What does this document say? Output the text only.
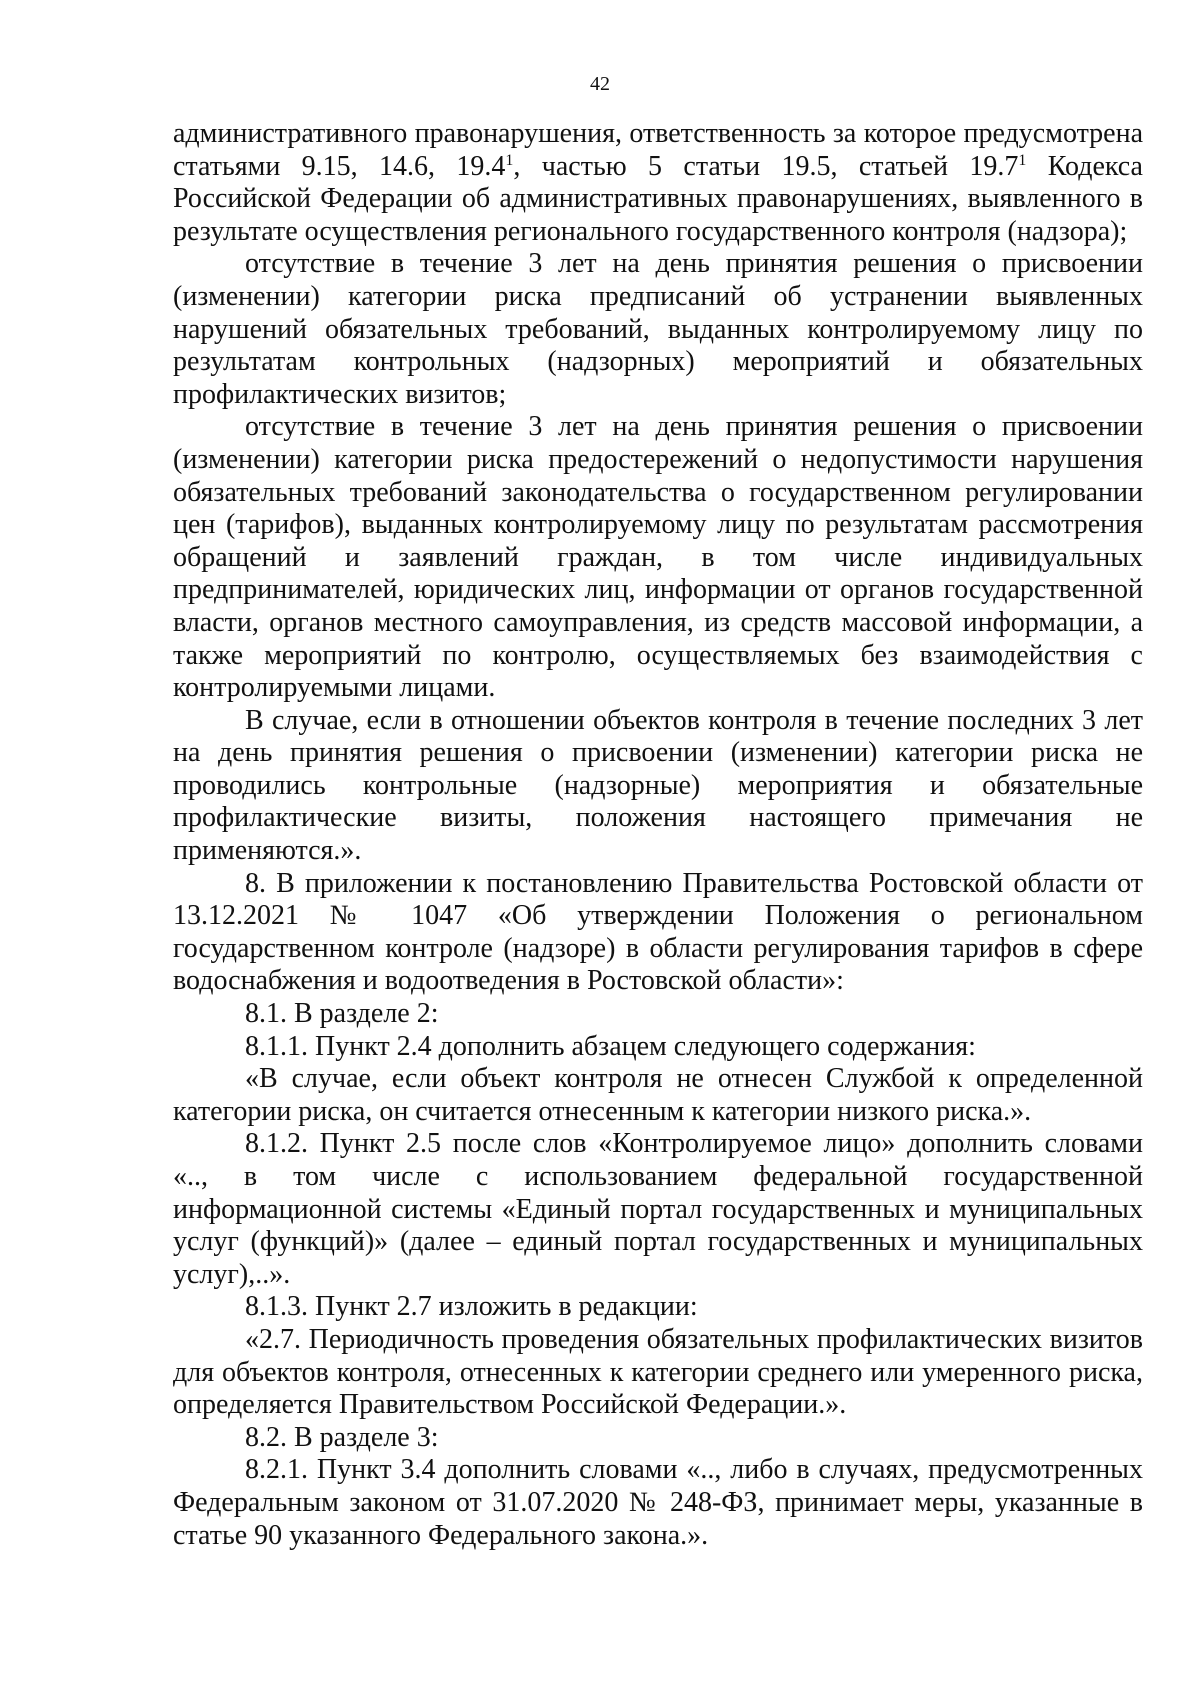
42

административного правонарушения, ответственность за которое предусмотрена статьями 9.15, 14.6, 19.4$^1$, частью 5 статьи 19.5, статьей 19.7$^1$ Кодекса Российской Федерации об административных правонарушениях, выявленного в результате осуществления регионального государственного контроля (надзора);

отсутствие в течение 3 лет на день принятия решения о присвоении (изменении) категории риска предписаний об устранении выявленных нарушений обязательных требований, выданных контролируемому лицу по результатам контрольных (надзорных) мероприятий и обязательных профилактических визитов;

отсутствие в течение 3 лет на день принятия решения о присвоении (изменении) категории риска предостережений о недопустимости нарушения обязательных требований законодательства о государственном регулировании цен (тарифов), выданных контролируемому лицу по результатам рассмотрения обращений и заявлений граждан, в том числе индивидуальных предпринимателей, юридических лиц, информации от органов государственной власти, органов местного самоуправления, из средств массовой информации, а также мероприятий по контролю, осуществляемых без взаимодействия с контролируемыми лицами.

В случае, если в отношении объектов контроля в течение последних 3 лет на день принятия решения о присвоении (изменении) категории риска не проводились контрольные (надзорные) мероприятия и обязательные профилактические визиты, положения настоящего примечания не применяются.».

8. В приложении к постановлению Правительства Ростовской области от 13.12.2021 № 1047 «Об утверждении Положения о региональном государственном контроле (надзоре) в области регулирования тарифов в сфере водоснабжения и водоотведения в Ростовской области»:

8.1. В разделе 2:

8.1.1. Пункт 2.4 дополнить абзацем следующего содержания:

«В случае, если объект контроля не отнесен Службой к определенной категории риска, он считается отнесенным к категории низкого риска.».

8.1.2. Пункт 2.5 после слов «Контролируемое лицо» дополнить словами «.., в том числе с использованием федеральной государственной информационной системы «Единый портал государственных и муниципальных услуг (функций)» (далее – единый портал государственных и муниципальных услуг),..».

8.1.3. Пункт 2.7 изложить в редакции:

«2.7. Периодичность проведения обязательных профилактических визитов для объектов контроля, отнесенных к категории среднего или умеренного риска, определяется Правительством Российской Федерации.».

8.2. В разделе 3:

8.2.1. Пункт 3.4 дополнить словами «.., либо в случаях, предусмотренных Федеральным законом от 31.07.2020 № 248-ФЗ, принимает меры, указанные в статье 90 указанного Федерального закона.».
